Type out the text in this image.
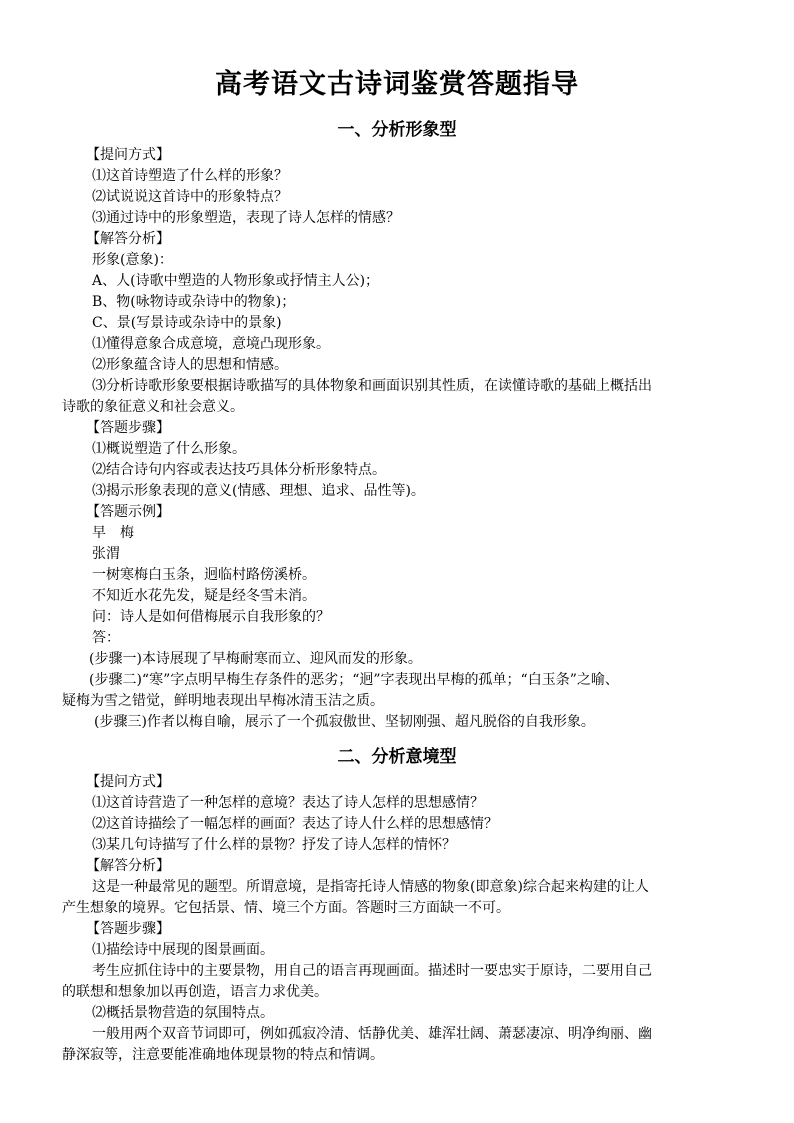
高考语文古诗词鉴赏答题指导
一、分析形象型

【提问方式】

⑴这首诗塑造了什么样的形象？

⑵试说说这首诗中的形象特点？

⑶通过诗中的形象塑造，表现了诗人怎样的情感？

【解答分析】

形象(意象)：

A、人(诗歌中塑造的人物形象或抒情主人公)；

B、物(咏物诗或杂诗中的物象)；

C、景(写景诗或杂诗中的景象)

⑴懂得意象合成意境，意境凸现形象。

⑵形象蕴含诗人的思想和情感。

⑶分析诗歌形象要根据诗歌描写的具体物象和画面识别其性质，在读懂诗歌的基础上概括出

诗歌的象征意义和社会意义。

【答题步骤】

⑴概说塑造了什么形象。

⑵结合诗句内容或表达技巧具体分析形象特点。

⑶揭示形象表现的意义(情感、理想、追求、品性等)。

【答题示例】

早　梅

张渭

一树寒梅白玉条，迥临村路傍溪桥。

不知近水花先发，疑是经冬雪未消。

问：诗人是如何借梅展示自我形象的？

答：

(步骤一)本诗展现了早梅耐寒而立、迎风而发的形象。

(步骤二)“寒”字点明早梅生存条件的恶劣；“迥”字表现出早梅的孤单；“白玉条”之喻、

疑梅为雪之错觉，鲜明地表现出早梅冰清玉洁之质。

(步骤三)作者以梅自喻，展示了一个孤寂傲世、坚韧刚强、超凡脱俗的自我形象。

二、分析意境型

【提问方式】

⑴这首诗营造了一种怎样的意境？表达了诗人怎样的思想感情？

⑵这首诗描绘了一幅怎样的画面？表达了诗人什么样的思想感情？

⑶某几句诗描写了什么样的景物？抒发了诗人怎样的情怀？

【解答分析】

这是一种最常见的题型。所谓意境，是指寄托诗人情感的物象(即意象)综合起来构建的让人

产生想象的境界。它包括景、情、境三个方面。答题时三方面缺一不可。

【答题步骤】

⑴描绘诗中展现的图景画面。

考生应抓住诗中的主要景物，用自己的语言再现画面。描述时一要忠实于原诗，二要用自己

的联想和想象加以再创造，语言力求优美。

⑵概括景物营造的氛围特点。

一般用两个双音节词即可，例如孤寂冷清、恬静优美、雄浑壮阔、萧瑟凄凉、明净绚丽、幽

静深寂等，注意要能准确地体现景物的特点和情调。
